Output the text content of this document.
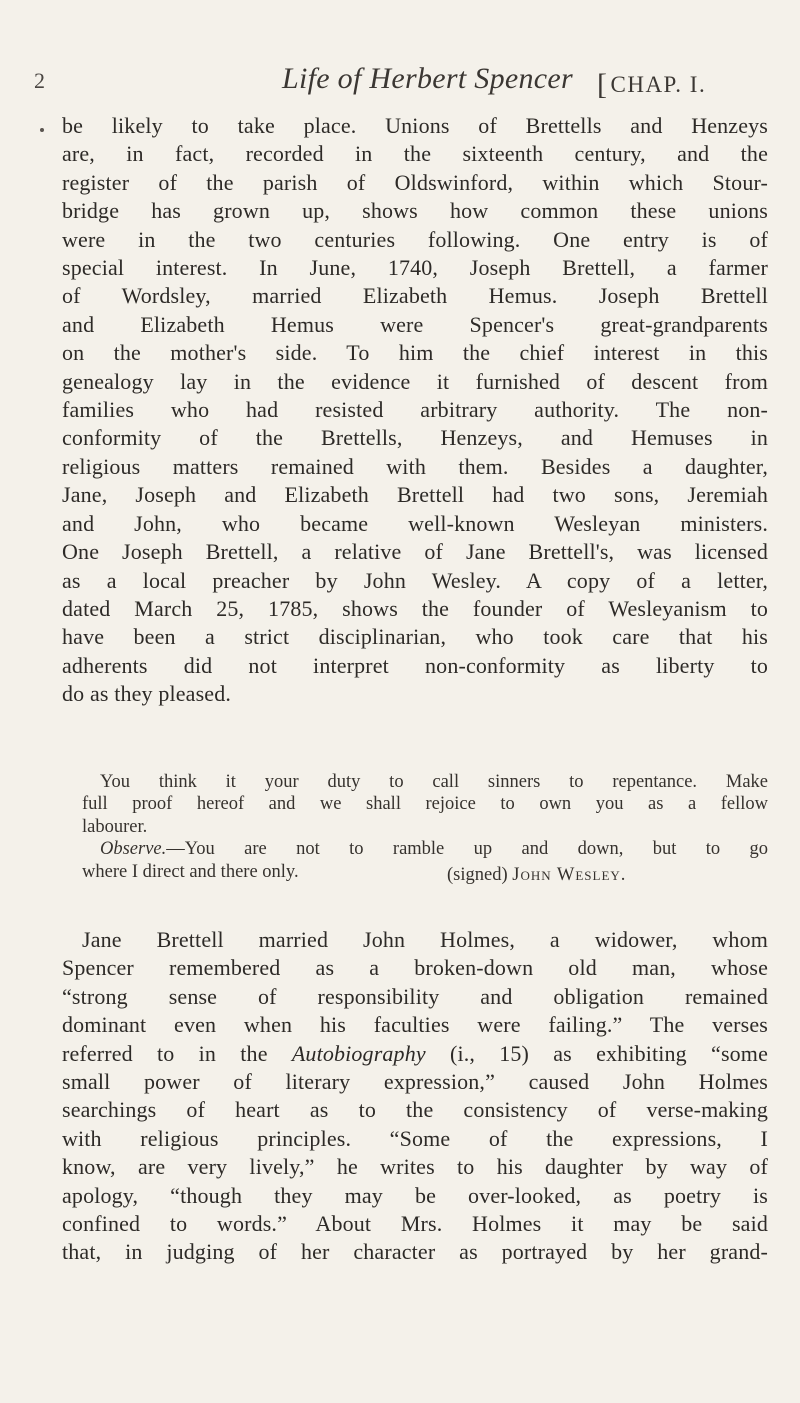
2	Life of Herbert Spencer [CHAP. I.
be likely to take place. Unions of Brettells and Henzeys
are, in fact, recorded in the sixteenth century, and the
register of the parish of Oldswinford, within which Stour-
bridge has grown up, shows how common these unions
were in the two centuries following. One entry is of
special interest. In June, 1740, Joseph Brettell, a farmer
of Wordsley, married Elizabeth Hemus. Joseph Brettell
and Elizabeth Hemus were Spencer's great-grandparents
on the mother's side. To him the chief interest in this
genealogy lay in the evidence it furnished of descent from
families who had resisted arbitrary authority. The non-
conformity of the Brettells, Henzeys, and Hemuses in
religious matters remained with them. Besides a daughter,
Jane, Joseph and Elizabeth Brettell had two sons, Jeremiah
and John, who became well-known Wesleyan ministers.
One Joseph Brettell, a relative of Jane Brettell's, was licensed
as a local preacher by John Wesley. A copy of a letter,
dated March 25, 1785, shows the founder of Wesleyanism to
have been a strict disciplinarian, who took care that his
adherents did not interpret non-conformity as liberty to
do as they pleased.
You think it your duty to call sinners to repentance. Make
full proof hereof and we shall rejoice to own you as a fellow
labourer.
Observe.—You are not to ramble up and down, but to go
where I direct and there only.	(signed) John Wesley.
Jane Brettell married John Holmes, a widower, whom
Spencer remembered as a broken-down old man, whose
“strong sense of responsibility and obligation remained
dominant even when his faculties were failing.” The verses
referred to in the Autobiography (i., 15) as exhibiting “some
small power of literary expression,” caused John Holmes
searchings of heart as to the consistency of verse-making
with religious principles. “Some of the expressions, I
know, are very lively,” he writes to his daughter by way of
apology, “though they may be over-looked, as poetry is
confined to words.” About Mrs. Holmes it may be said
that, in judging of her character as portrayed by her grand-
